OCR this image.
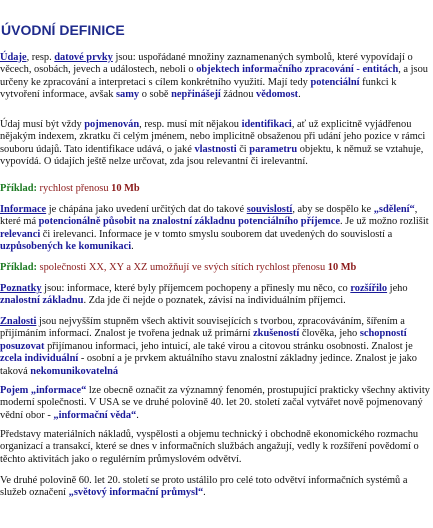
ÚVODNÍ DEFINICE

Údaje, resp. datové prvky jsou: uspořádané množiny zaznamenaných symbolů, které vypovídají o věcech, osobách, jevech a událostech, neboli o objektech informačního zpracování - entitách, a jsou určeny ke zpracování a interpretaci s cílem konkrétního využití. Mají tedy potenciální funkci k vytvoření informace, avšak samy o sobě nepřinášejí žádnou vědomost.

Údaj musí být vždy pojmenován, resp. musí mít nějakou identifikaci, ať už explicitně vyjádřenou nějakým indexem, zkratku či celým jménem, nebo implicitně obsaženou při udání jeho pozice v rámci souboru údajů. Tato identifikace udává, o jaké vlastnosti či parametru objektu, k němuž se vztahuje, vypovídá. O údajích ještě nelze určovat, zda jsou relevantní či irelevantní.

Příklad: rychlost přenosu 10 Mb

Informace je chápána jako uvedení určitých dat do takové souvislostí, aby se dospělo ke „sdělení“, které má potencionálně působit na znalostní základnu potenciálního příjemce. Je už možno rozlišit relevanci či irelevanci. Informace je v tomto smyslu souborem dat uvedených do souvislostí a uzpůsobených ke komunikaci.

Příklad: společnosti XX, XY a XZ umožňují ve svých sítích rychlost přenosu 10 Mb

Poznatky jsou: informace, které byly příjemcem pochopeny a přinesly mu něco, co rozšířilo jeho znalostní základnu. Zda jde či nejde o poznatek, závisí na individuálním příjemci.

Znalosti jsou nejvyšším stupněm všech aktivit souvisejících s tvorbou, zpracováváním, šířením a přijímáním informací. Znalost je tvořena jednak už primární zkušeností člověka, jeho schopností posuzovat přijímanou informaci, jeho intuicí, ale také virou a citovou stránku osobnosti. Znalost je zcela individuální - osobní a je prvkem aktuálního stavu znalostní základny jedince. Znalost je jako taková nekomunikovatelná

Pojem „informace“ lze obecně označit za významný fenomén, prostupující prakticky všechny aktivity moderní společnosti. V USA se ve druhé polovině 40. let 20. století začal vytvářet nově pojmenovaný vědní obor - „informační věda“.

Představy materiálních nákladů, vyspělosti a objemu technický i obchodně ekonomického rozmachu organizací a transakcí, které se dnes v informačních službách angažují, vedly k rozšíření povědomí o těchto aktivitách jako o regulérním průmyslovém odvětví.

Ve druhé polovině 60. let 20. století se proto ustálilo pro celé toto odvětví informačních systémů a služeb označení „světový informační průmysl“.
